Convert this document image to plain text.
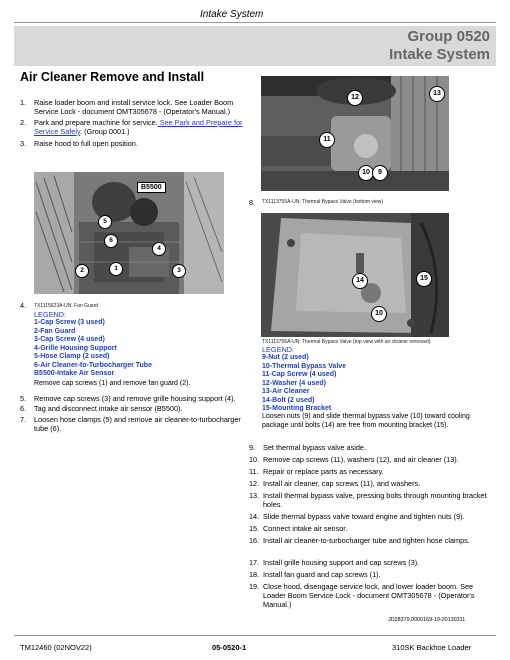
Intake System
Group 0520
Intake System
Air Cleaner Remove and Install
1. Raise loader boom and install service lock. See Loader Boom Service Lock - document OMT305678 - (Operator's Manual.)
2. Park and prepare machine for service. See Park and Prepare for Service Safely. (Group 0001.)
3. Raise hood to full open position.
B5500
5
4
6
2	1	3
4. TX1115623A-UN: Fan Guard
LEGEND:
1-Cap Screw (3 used)
2-Fan Guard
3-Cap Screw (4 used)
4-Grille Housing Support
5-Hose Clamp (2 used)
6-Air Cleaner-to-Turbocharger Tube
B5500-Intake Air Sensor
Remove cap screws (1) and remove fan guard (2).
5. Remove cap screws (3) and remove grille housing support (4).
6. Tag and disconnect intake air sensor (B5500).
7. Loosen hose clamps (5) and remove air cleaner-to-turbocharger tube (6).
12
13
11
10	9
8. TX1113755A-UN: Thermal Bypass Valve (bottom view)
14	15
10
TX1113756A-UN: Thermal Bypass Valve (top view with air cleaner removed)
LEGEND:
9-Nut (2 used)
10-Thermal Bypass Valve
11-Cap Screw (4 used)
12-Washer (4 used)
13-Air Cleaner
14-Bolt (2 used)
15-Mounting Bracket
Loosen nuts (9) and slide thermal bypass valve (10) toward cooling package until bolts (14) are free from mounting bracket (15).
9. Set thermal bypass valve aside.
10. Remove cap screws (11), washers (12), and air cleaner (13).
11. Repair or replace parts as necessary.
12. Install air cleaner, cap screws (11), and washers.
13. Install thermal bypass valve, pressing bolts through mounting bracket holes.
14. Slide thermal bypass valve toward engine and tighten nuts (9).
15. Connect intake air sensor.
16. Install air cleaner-to-turbocharger tube and tighten hose clamps.
17. Install grille housing support and cap screws (3).
18. Install fan guard and cap screws (1).
19. Close hood, disengage service lock, and lower loader boom. See Loader Boom Service Lock - document OMT305678 - (Operator's Manual.)
JD28379,0000169-19-20130311
TM12460 (02NOV22)	05-0520-1	310SK Backhoe Loader
